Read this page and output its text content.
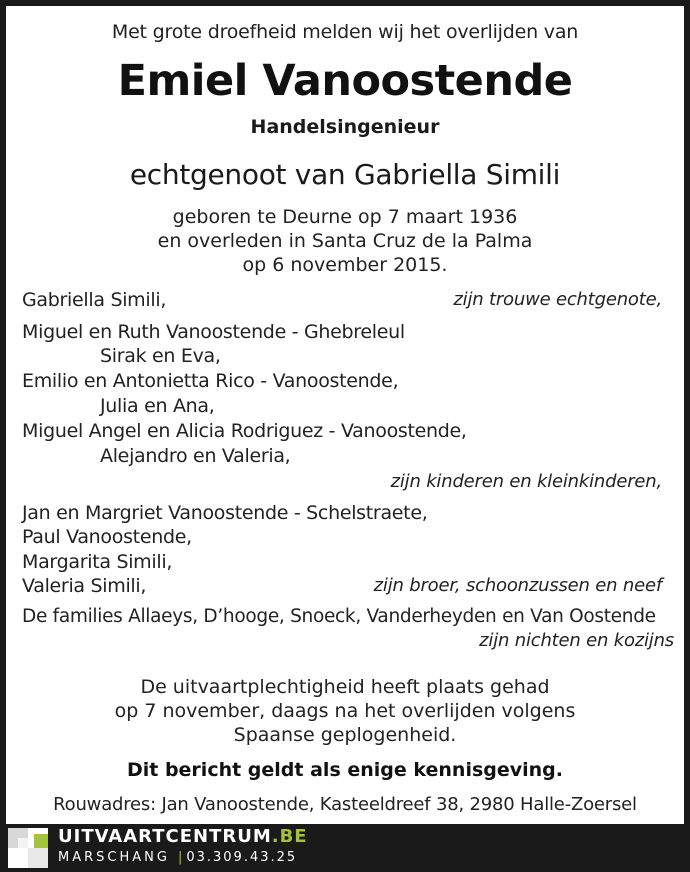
Met grote droefheid melden wij het overlijden van
Emiel Vanoostende
Handelsingenieur
echtgenoot van Gabriella Simili
geboren te Deurne op 7 maart 1936
en overleden in Santa Cruz de la Palma
op 6 november 2015.
Gabriella Simili,	zijn trouwe echtgenote,
Miguel en Ruth Vanoostende - Ghebreleul
Sirak en Eva,
Emilio en Antonietta Rico - Vanoostende,
Julia en Ana,
Miguel Angel en Alicia Rodriguez - Vanoostende,
Alejandro en Valeria,
zijn kinderen en kleinkinderen,
Jan en Margriet Vanoostende - Schelstraete,
Paul Vanoostende,
Margarita Simili,
Valeria Simili,	zijn broer, schoonzussen en neef
De families Allaeys, D’hooge, Snoeck, Vanderheyden en Van Oostende
zijn nichten en kozijns
De uitvaartplechtigheid heeft plaats gehad
op 7 november, daags na het overlijden volgens
Spaanse geplogenheid.
Dit bericht geldt als enige kennisgeving.
Rouwadres: Jan Vanoostende, Kasteeldreef 38, 2980 Halle-Zoersel
UITVAARTCENTRUM.BE
MARSCHANG | 03.309.43.25
